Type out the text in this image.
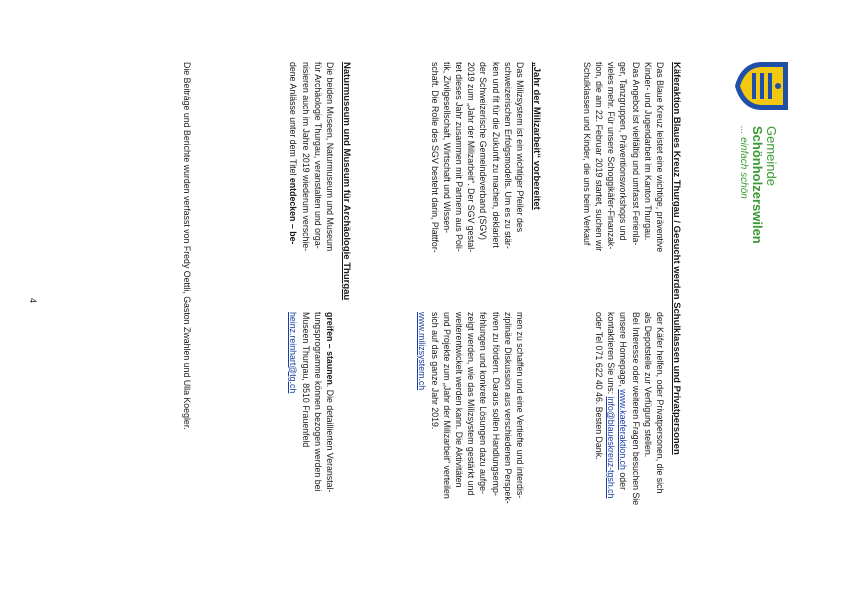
Gemeinde
Schönholzerswilen
... einfach schön
Käferaktion Blaues Kreuz Thurgau / Gesucht werden Schulklassen und Privatpersonen
Das Blaue Kreuz leistet eine wichtige, präventive
Kinder- und Jugendarbeit im Kanton Thurgau.
Das Angebot ist vielfältig und umfasst Ferienla-
ger, Tanzgruppen, Präventionsworkshops und
vieles mehr. Für unsere Schoggikäfer-Finanzak-
tion, die am 22. Februar 2019 startet, suchen wir
Schulklassen und Kinder, die uns beim Verkauf
der Käfer helfen, oder Privatpersonen, die sich
als Depotstelle zur Verfügung stellen.
Bei Interesse oder weiteren Fragen besuchen Sie
unsere Homepage, www.kaeferaktion.ch oder
kontaktieren Sie uns: info@blaueskreuz-tgsh.ch
oder Tel 071 622 40 46. Besten Dank.
„Jahr der Milizarbeit“ vorbereitet
Das Milizsystem ist ein wichtiger Pfeiler des
schweizerischen Erfolgsmodells. Um es zu stär-
ken und fit für die Zukunft zu machen, deklariert
der Schweizerische Gemeindeverband (SGV)
2019 zum „Jahr der Milizarbeit“. Der SGV gestal-
tet dieses Jahr zusammen mit Partnern aus Poli-
tik, Zivilgesellschaft, Wirtschaft und Wissen-
schaft. Die Rolle des SGV besteht darin, Plattfor-
men zu schaffen und eine Vertiefte und interdis-
ziplinäre Diskussion aus verschiedenen Perspek-
tiven zu fördern. Daraus sollen Handlungsemp-
fehlungen und konkrete Lösungen dazu aufge-
zeigt werden, wie das Milizsystem gestärkt und
weiterentwickelt werden kann. Die Aktivitäten
und Projekte zum „Jahr der Milizarbeit“ verteilen
sich auf das ganze Jahr 2019.
www.milizsystem.ch
Naturmuseum und Museum für Archäologie Thurgau
Die beiden Museen, Naturmuseum und Museum
für Archäologie Thurgau, veranstalten und orga-
nisieren auch im Jahre 2019 wiederum verschie-
dene Anlässe unter dem Titel entdecken – be-
greifen – staunen. Die detaillierten Veranstal-
tungsprogramme können bezogen werden bei
Museen Thurgau, 8510 Frauenfeld
heinz.reinhart@tg.ch
Die Beiträge und Berichte wurden verfasst von Fredy Oettli, Gaston Zwahlen und Ulla Koegler.
4
